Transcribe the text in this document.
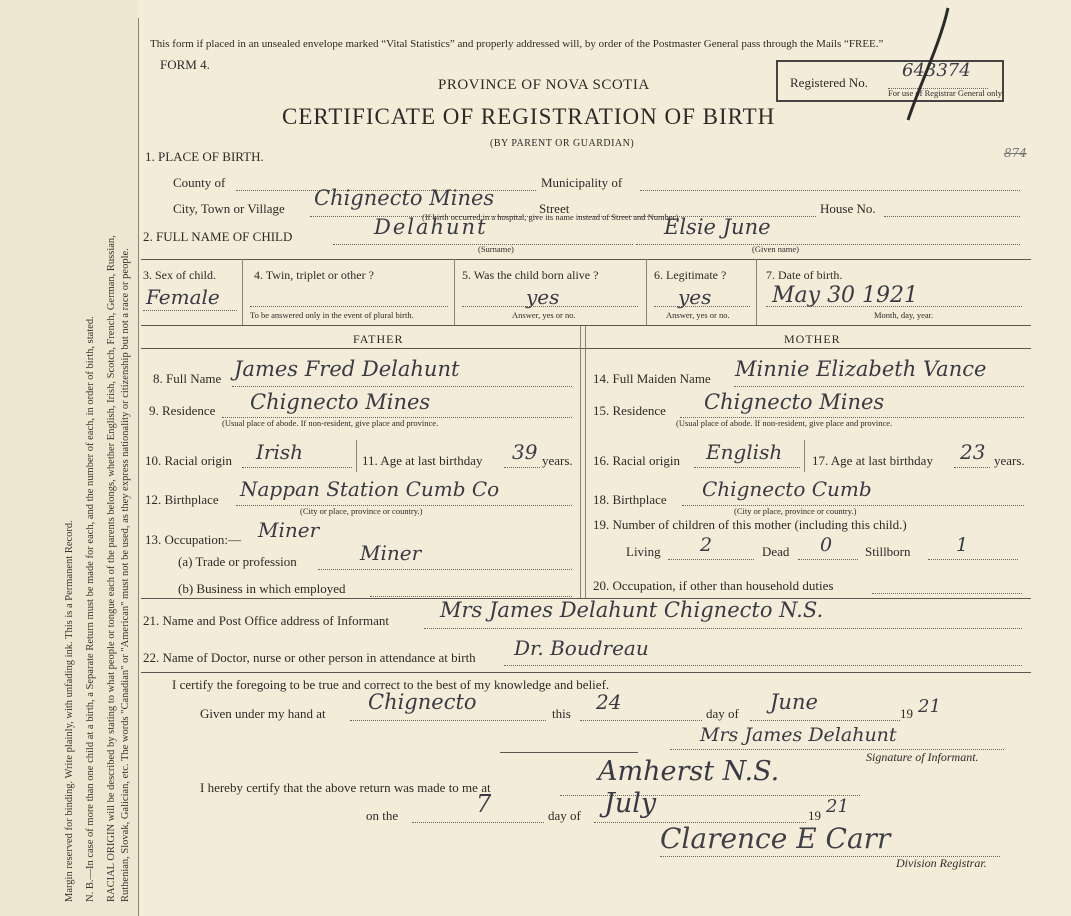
Margin reserved for binding. Write plainly, with unfading ink. This is a Permanent Record. N. B.—In case of more than one child at a birth, a Separate Return must be made for each, and the number of each, in order of birth, stated. RACIAL ORIGIN will be described by stating to what people or tongue each of the parents belongs, whether English, Irish, Scotch, French, German, Russian, Ruthenian, Slovak, Galician, etc. The words "Canadian" or "American" must not be used, as they express nationality or citizenship but not a race or people.
This form if placed in an unsealed envelope marked “Vital Statistics” and properly addressed will, by order of the Postmaster General pass through the Mails “FREE.”
FORM 4.
PROVINCE OF NOVA SCOTIA
CERTIFICATE OF REGISTRATION OF BIRTH
(BY PARENT OR GUARDIAN)
Registered No.
643374
For use of Registrar General only.
874
1. PLACE OF BIRTH.
County of	Municipality of
City, Town or Village Chignecto Mines	Street
(If birth occurred in a hospital, give its name instead of Street and Number)
House No.
2. FULL NAME OF CHILD	Delahunt
(Surname)
Elsie June
(Given name)
3. Sex of child.
Female
4. Twin, triplet or other ?
To be answered only in the event of plural birth.
5. Was the child born alive ?
yes
Answer, yes or no.
6. Legitimate ?
yes
Answer, yes or no.
7. Date of birth.
May 30 1921
Month, day, year.
FATHER	MOTHER
8. Full Name James Fred Delahunt
9. Residence Chignecto Mines
(Usual place of abode. If non-resident, give place and province.
10. Racial origin Irish	11. Age at last birthday 39 years.
12. Birthplace Nappan Station Cumb Co
(City or place, province or country.)
13. Occupation:— Miner
(a) Trade or profession	Miner
(b) Business in which employed
14. Full Maiden Name Minnie Elizabeth Vance
15. Residence Chignecto Mines
(Usual place of abode. If non-resident, give place and province.
16. Racial origin English 17. Age at last birthday 23 years.
18. Birthplace Chignecto Cumb
(City or place, province or country.)
19. Number of children of this mother (including this child.)
Living 2	Dead 0	Stillborn 1
20. Occupation, if other than household duties
21. Name and Post Office address of Informant Mrs James Delahunt Chignecto N.S.
22. Name of Doctor, nurse or other person in attendance at birth Dr. Boudreau
I certify the foregoing to be true and correct to the best of my knowledge and belief.
Given under my hand at Chignecto	this 24	day of June	19 21
Mrs James Delahunt
Signature of Informant.
I hereby certify that the above return was made to me at
Amherst N.S.
on the	7	day of July	19 21
Clarence E Carr
Division Registrar.
